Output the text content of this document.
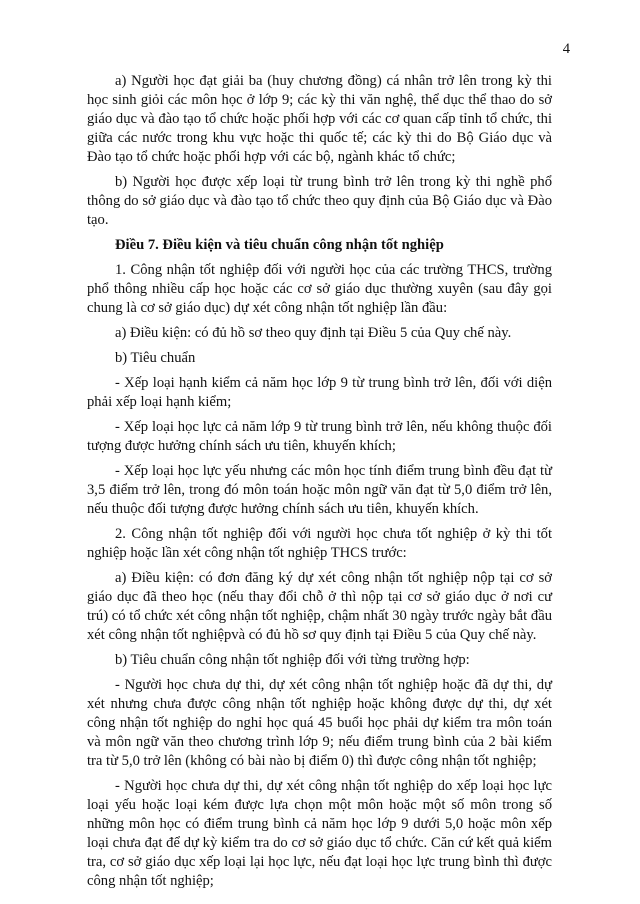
4

a) Người học đạt giải ba (huy chương đồng) cá nhân trở lên trong kỳ thi học sinh giỏi các môn học ở lớp 9; các kỳ thi văn nghệ, thể dục thể thao do sở giáo dục và đào tạo tổ chức hoặc phối hợp với các cơ quan cấp tỉnh tổ chức, thi giữa các nước trong khu vực hoặc thi quốc tế; các kỳ thi do Bộ Giáo dục và Đào tạo tổ chức hoặc phối hợp với các bộ, ngành khác tổ chức;

b) Người học được xếp loại từ trung bình trở lên trong kỳ thi nghề phổ thông do sở giáo dục và đào tạo tổ chức theo quy định của Bộ Giáo dục và Đào tạo.

Điều 7. Điều kiện và tiêu chuẩn công nhận tốt nghiệp

1. Công nhận tốt nghiệp đối với người học của các trường THCS, trường phổ thông nhiều cấp học hoặc các cơ sở giáo dục thường xuyên (sau đây gọi chung là cơ sở giáo dục) dự xét công nhận tốt nghiệp lần đầu:

a) Điều kiện: có đủ hồ sơ theo quy định tại Điều 5 của Quy chế này.

b) Tiêu chuẩn

- Xếp loại hạnh kiểm cả năm học lớp 9 từ trung bình trở lên, đối với diện phải xếp loại hạnh kiểm;

- Xếp loại học lực cả năm lớp 9 từ trung bình trở lên, nếu không thuộc đối tượng được hưởng chính sách ưu tiên, khuyến khích;

- Xếp loại học lực yếu nhưng các môn học tính điểm trung bình đều đạt từ 3,5 điểm trở lên, trong đó môn toán hoặc môn ngữ văn đạt từ 5,0 điểm trở lên, nếu thuộc đối tượng được hưởng chính sách ưu tiên, khuyến khích.

2. Công nhận tốt nghiệp đối với người học chưa tốt nghiệp ở kỳ thi tốt nghiệp hoặc lần xét công nhận tốt nghiệp THCS trước:

a) Điều kiện: có đơn đăng ký dự xét công nhận tốt nghiệp nộp tại cơ sở giáo dục đã theo học (nếu thay đổi chỗ ở thì nộp tại cơ sở giáo dục ở nơi cư trú) có tổ chức xét công nhận tốt nghiệp, chậm nhất 30 ngày trước ngày bắt đầu xét công nhận tốt nghiệpvà có đủ hồ sơ quy định tại Điều 5 của Quy chế này.

b) Tiêu chuẩn công nhận tốt nghiệp đối với từng trường hợp:

- Người học chưa dự thi, dự xét công nhận tốt nghiệp hoặc đã dự thi, dự xét nhưng chưa được công nhận tốt nghiệp hoặc không được dự thi, dự xét công nhận tốt nghiệp do nghỉ học quá 45 buổi học phải dự kiểm tra môn toán và môn ngữ văn theo chương trình lớp 9; nếu điểm trung bình của 2 bài kiểm tra từ 5,0 trở lên (không có bài nào bị điểm 0) thì được công nhận tốt nghiệp;

- Người học chưa dự thi, dự xét công nhận tốt nghiệp do xếp loại học lực loại yếu hoặc loại kém được lựa chọn một môn hoặc một số môn trong số những môn học có điểm trung bình cả năm học lớp 9 dưới 5,0 hoặc môn xếp loại chưa đạt để dự kỳ kiểm tra do cơ sở giáo dục tổ chức. Căn cứ kết quả kiểm tra, cơ sở giáo dục xếp loại lại học lực, nếu đạt loại học lực trung bình thì được công nhận tốt nghiệp;
